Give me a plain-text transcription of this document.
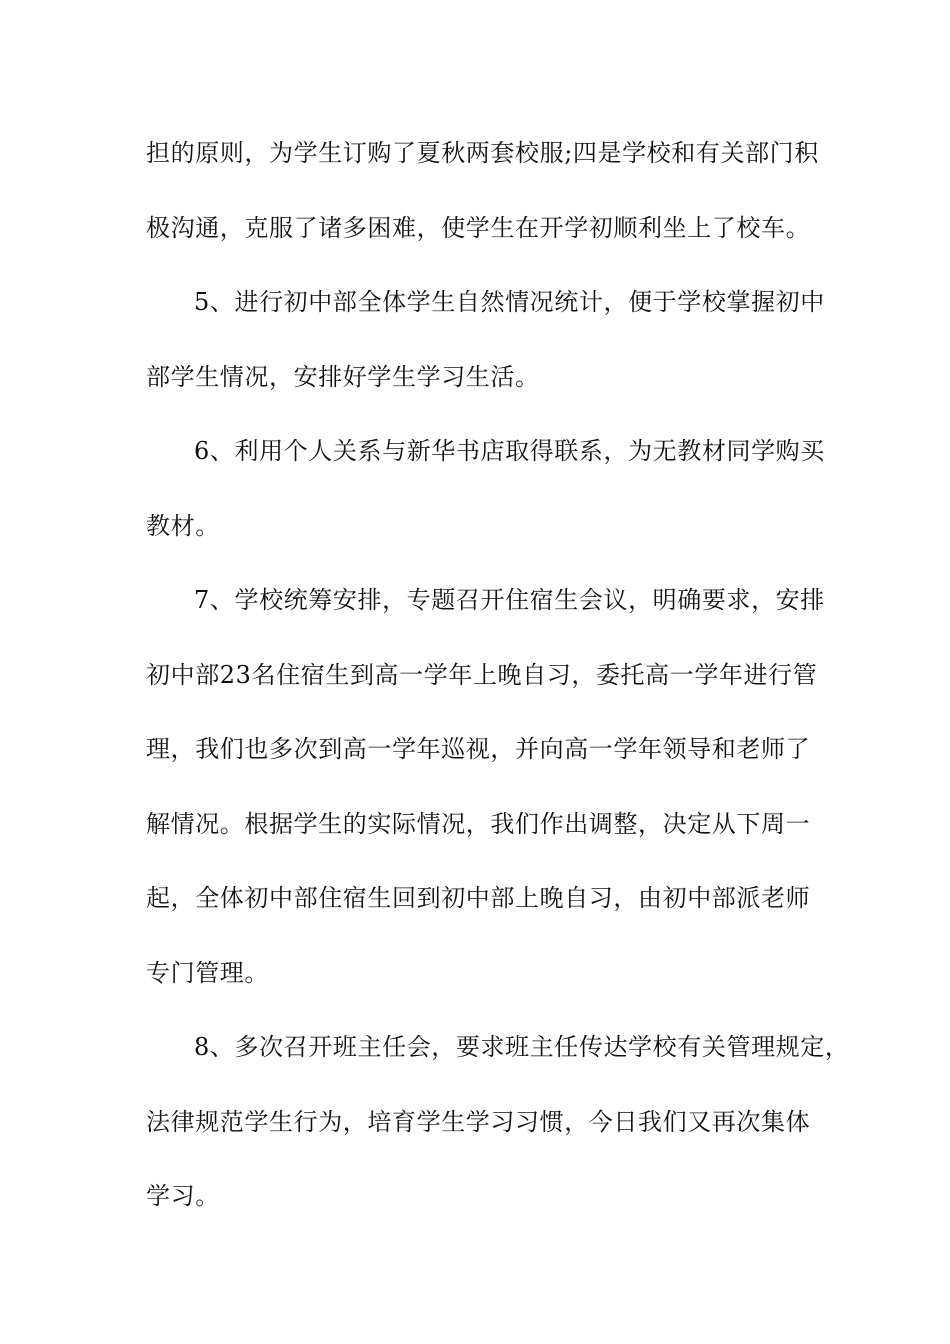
担的原则，为学生订购了夏秋两套校服;四是学校和有关部门积
极沟通，克服了诸多困难，使学生在开学初顺利坐上了校车。
5、进行初中部全体学生自然情况统计，便于学校掌握初中
部学生情况，安排好学生学习生活。
6、利用个人关系与新华书店取得联系，为无教材同学购买
教材。
7、学校统筹安排，专题召开住宿生会议，明确要求，安排
初中部23名住宿生到高一学年上晚自习，委托高一学年进行管
理，我们也多次到高一学年巡视，并向高一学年领导和老师了
解情况。根据学生的实际情况，我们作出调整，决定从下周一
起，全体初中部住宿生回到初中部上晚自习，由初中部派老师
专门管理。
8、多次召开班主任会，要求班主任传达学校有关管理规定，
法律规范学生行为，培育学生学习习惯，今日我们又再次集体
学习。
